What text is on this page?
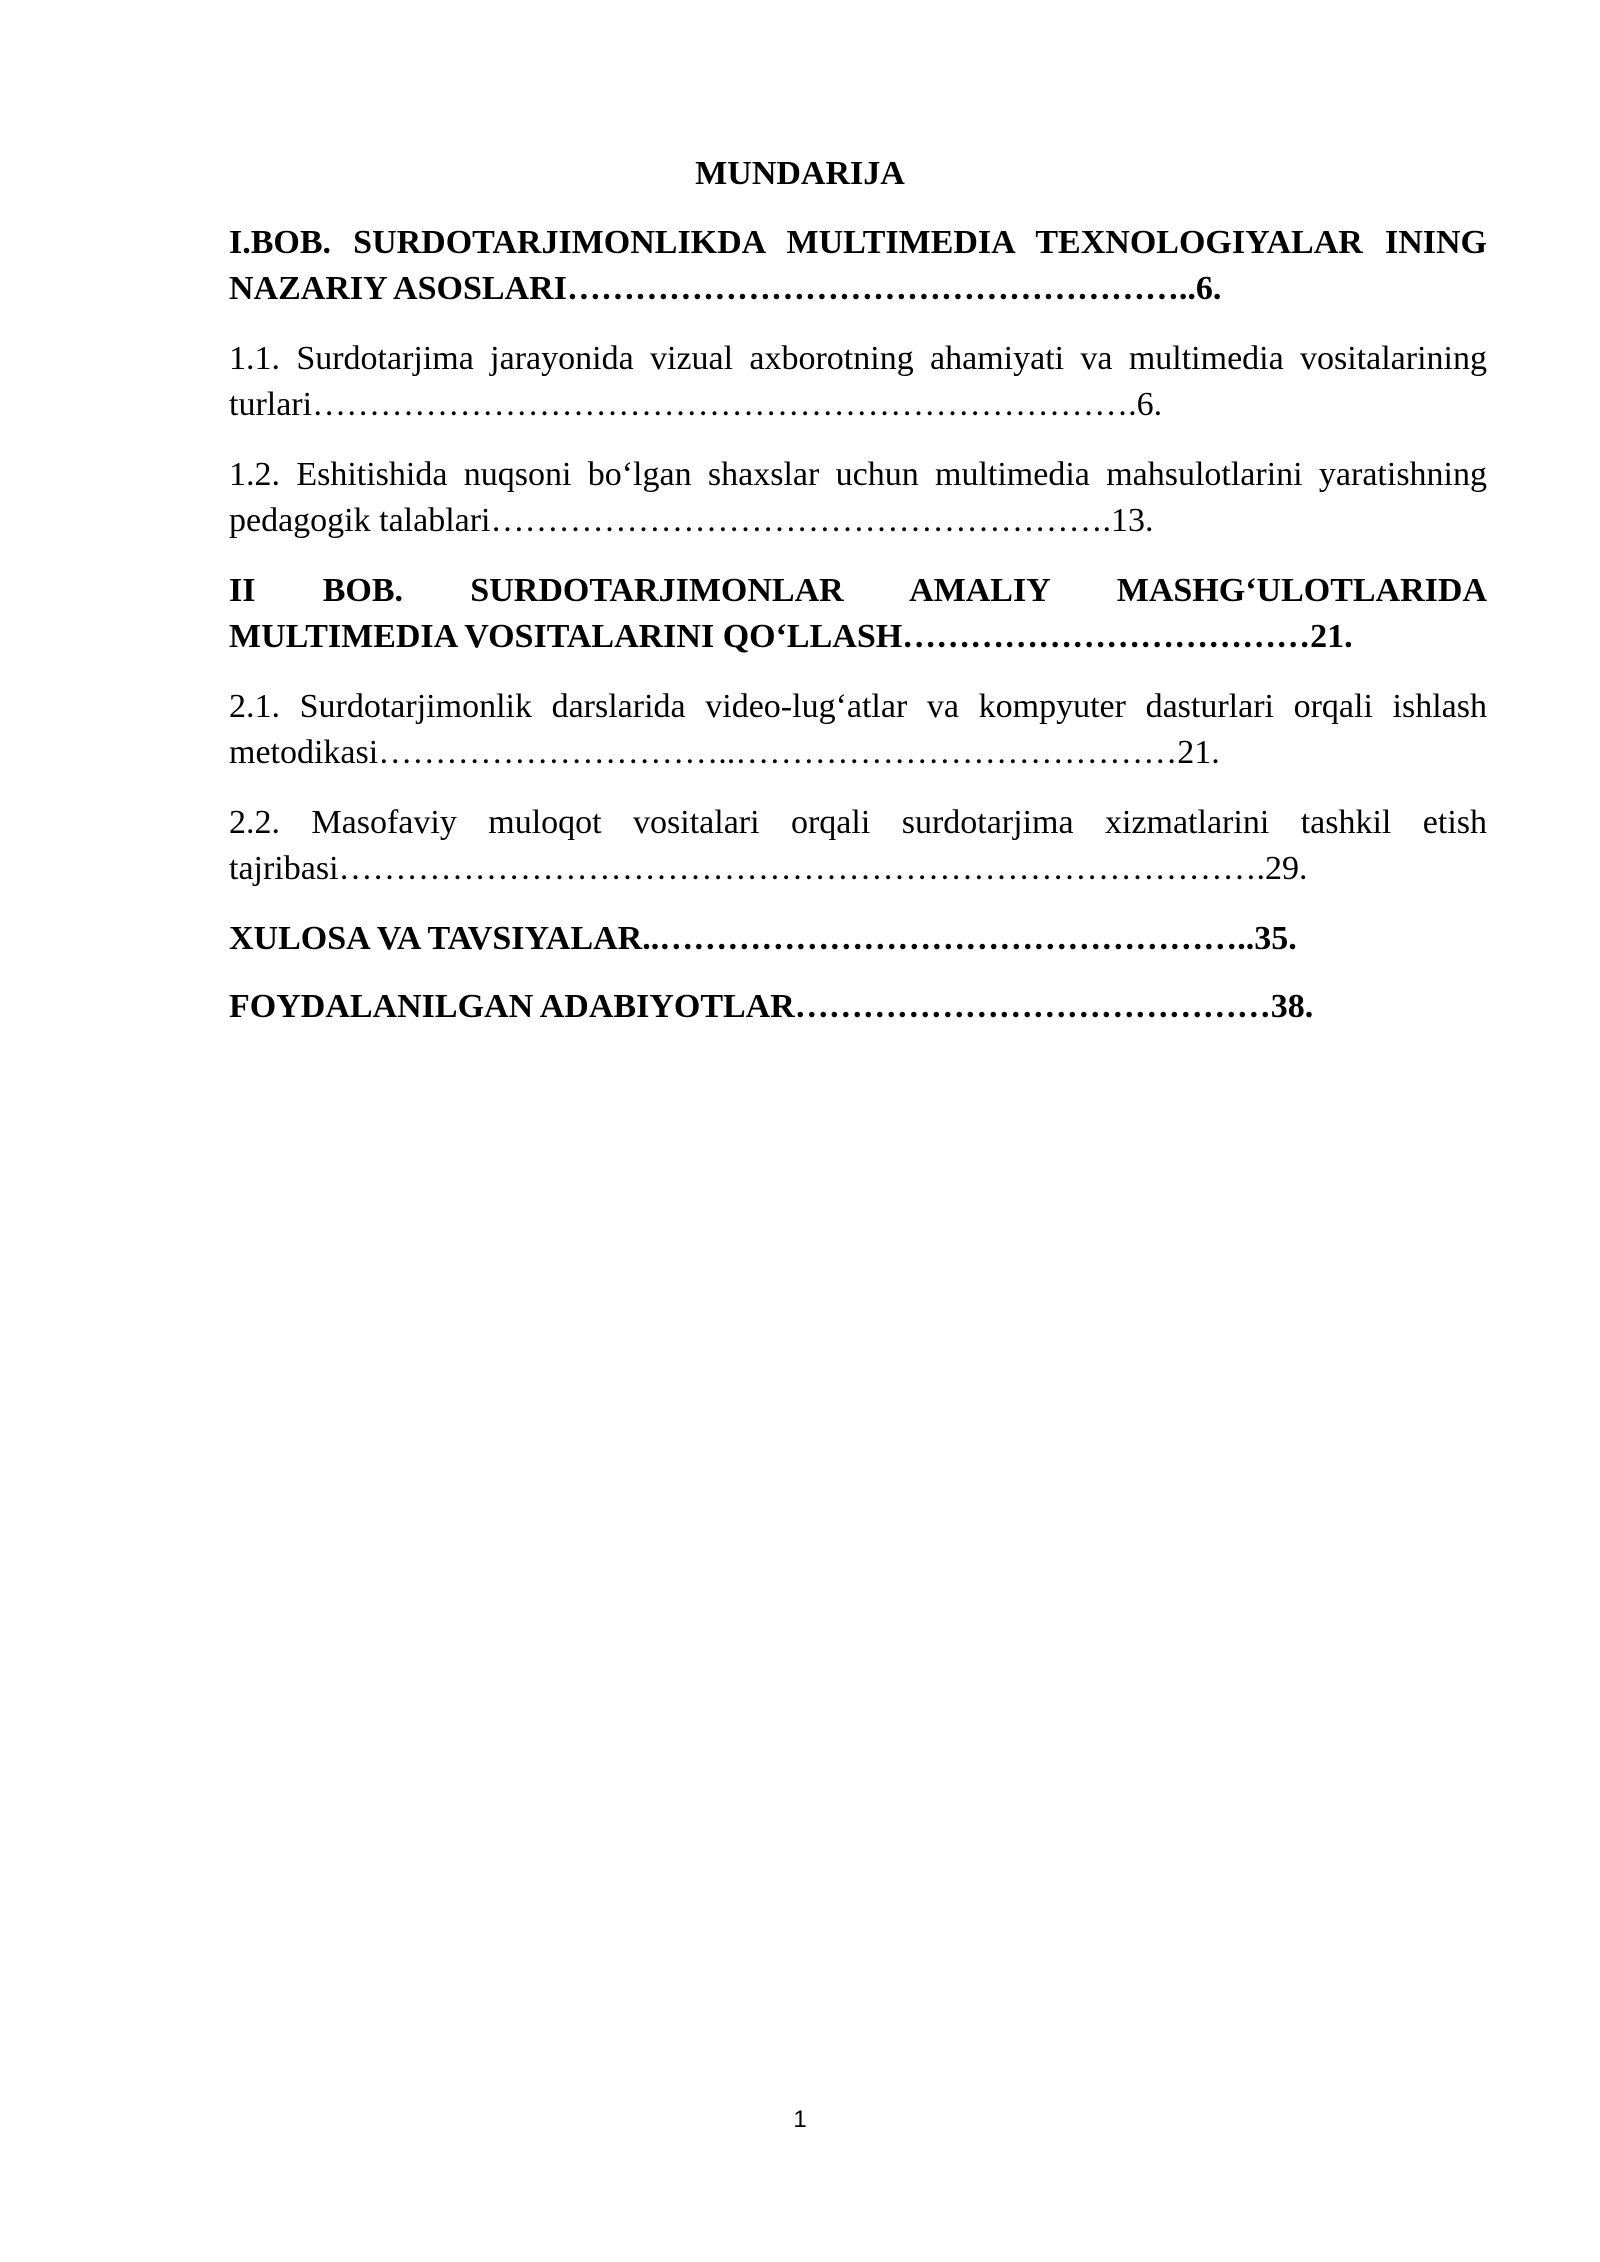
MUNDARIJA

I.BOB. SURDOTARJIMONLIKDA MULTIMEDIA TEXNOLOGIYALAR INING NAZARIY ASOSLARI………………………………………………..6.

1.1. Surdotarjima jarayonida vizual axborotning ahamiyati va multimedia vositalarining turlari……………………………………………………………….6.

1.2. Eshitishida nuqsoni bo‘lgan shaxslar uchun multimedia mahsulotlarini yaratishning pedagogik talablari……………………………………………….13.

II BOB. SURDOTARJIMONLAR AMALIY MASHG‘ULOTLARIDA MULTIMEDIA VOSITALARINI QO‘LLASH………………………………21.

2.1. Surdotarjimonlik darslarida video-lug‘atlar va kompyuter dasturlari orqali ishlash metodikasi…………………………..…………………………………21.

2.2. Masofaviy muloqot vositalari orqali surdotarjima xizmatlarini tashkil etish tajribasi……………………………………………………………………….29.

XULOSA VA TAVSIYALAR..……………………………………………..35.

FOYDALANILGAN ADABIYOTLAR……………………………………38.

1
